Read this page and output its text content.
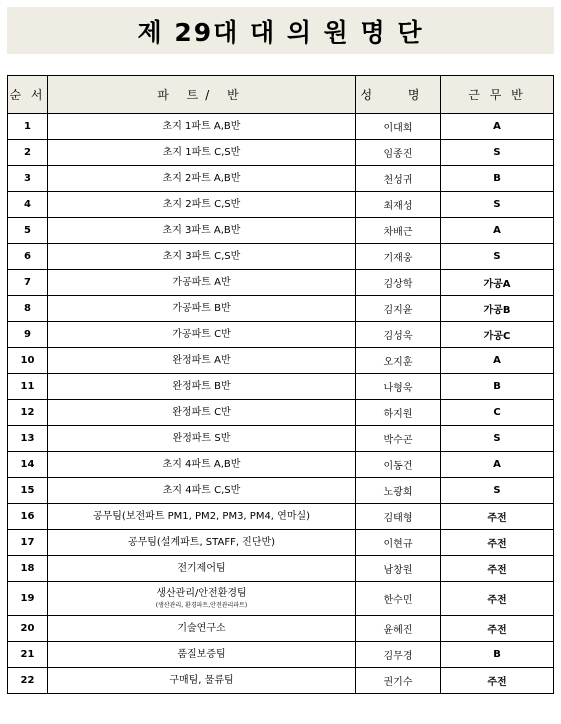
제 29대 대 의 원 명 단
순 서	파 트/ 반	성 명	근 무 반
1	초지 1파트 A,B반	이대희	A
2	초지 1파트 C,S반	임종진	S
3	초지 2파트 A,B반	천성귀	B
4	초지 2파트 C,S반	최재성	S
5	초지 3파트 A,B반	차배근	A
6	초지 3파트 C,S반	기재웅	S
7	가공파트 A반	김상학	가공A
8	가공파트 B반	김지윤	가공B
9	가공파트 C반	김성욱	가공C
10	완정파트 A반	오지훈	A
11	완정파트 B반	나형욱	B
12	완정파트 C반	하지원	C
13	완정파트 S반	박수곤	S
14	초지 4파트 A,B반	이동건	A
15	초지 4파트 C,S반	노광희	S
16	공무팀(보전파트 PM1, PM2, PM3, PM4, 연마실)	김태형	주전
17	공무팀(설계파트, STAFF, 진단반)	이현규	주전
18	전기제어팀	남창원	주전
19	생산관리/안전환경팀
(생산관리, 환경파트,안전관리파트)	한수민	주전
20	기술연구소	윤혜진	주전
21	품질보증팀	김무경	B
22	구매팀, 물류팀	권기수	주전
